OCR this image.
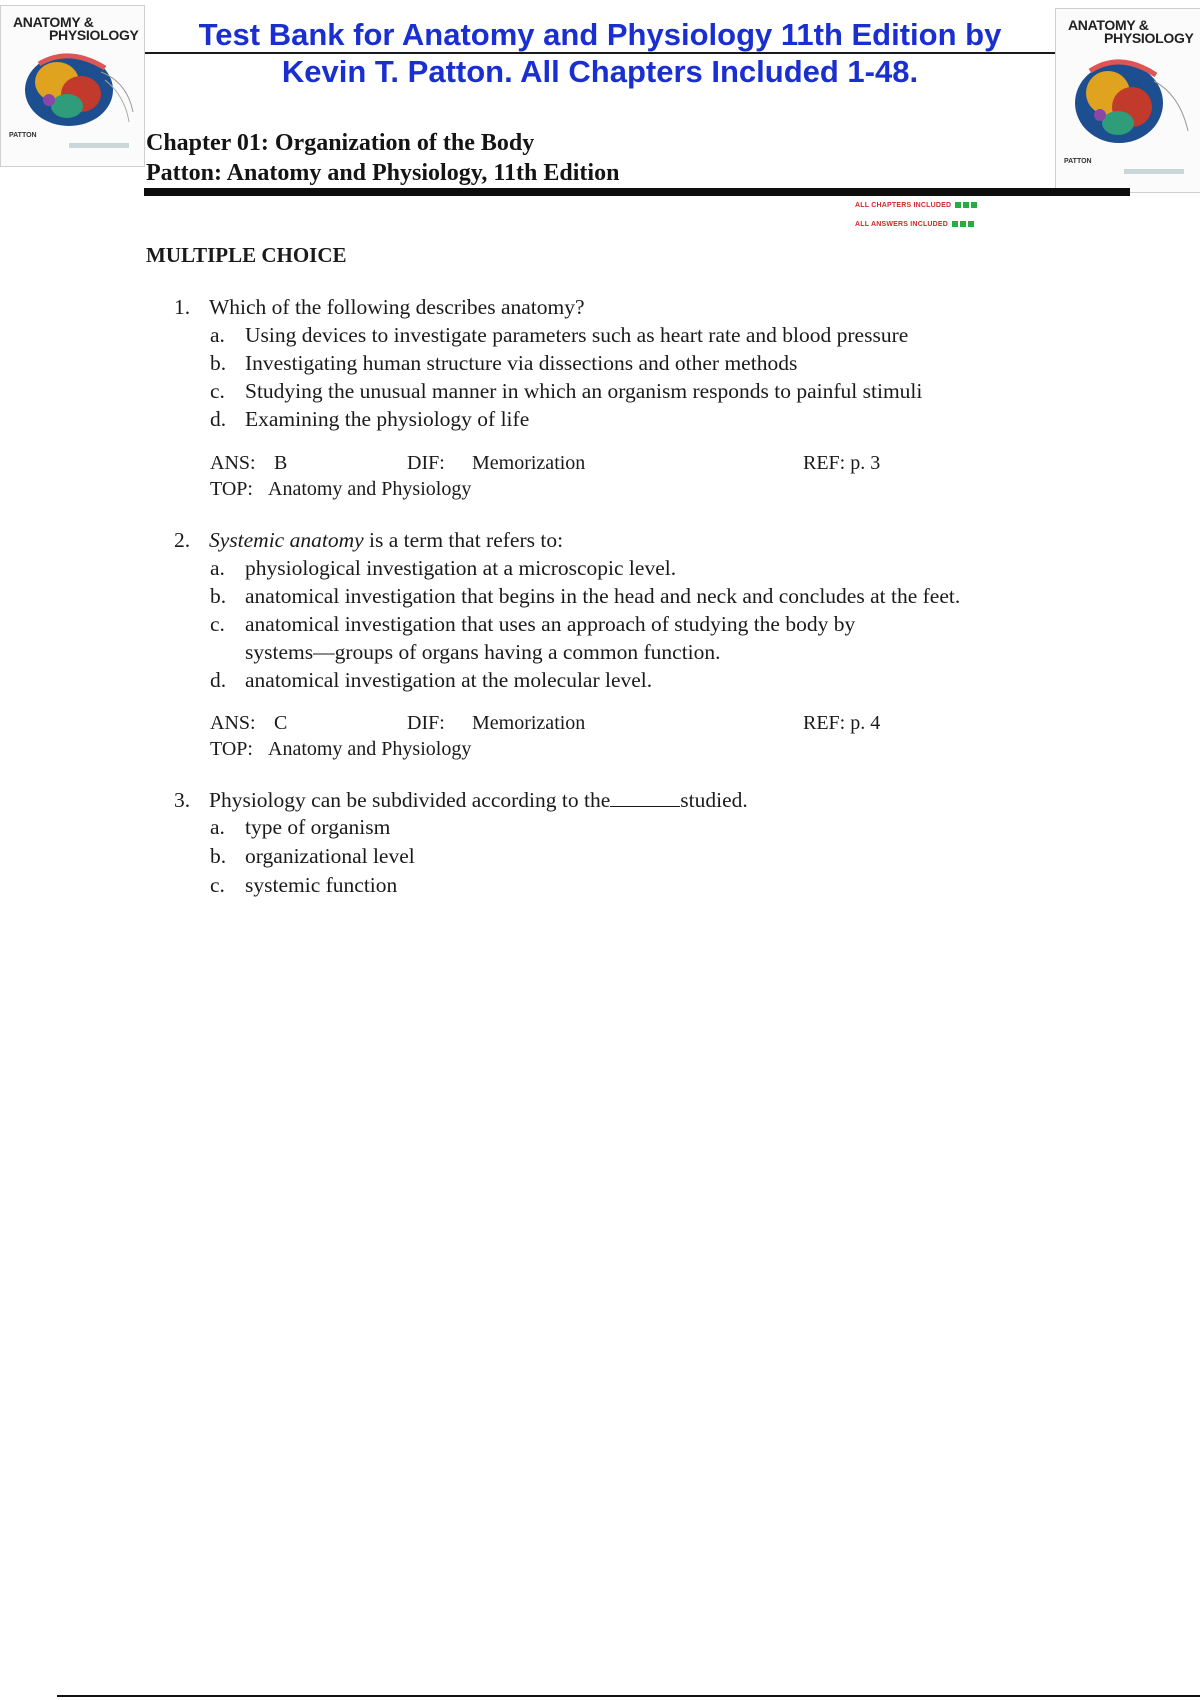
ANATOMY &
PHYSIOLOGY
PATTON
ANATOMY &
PHYSIOLOGY
PATTON
Test Bank for Anatomy and Physiology 11th Edition by
Kevin T. Patton. All Chapters Included 1-48.
Chapter 01: Organization of the Body
Patton: Anatomy and Physiology, 11th Edition
ALL CHAPTERS INCLUDED
ALL ANSWERS INCLUDED
MULTIPLE CHOICE
1. Which of the following describes anatomy?
a. Using devices to investigate parameters such as heart rate and blood pressure
b. Investigating human structure via dissections and other methods
c. Studying the unusual manner in which an organism responds to painful stimuli
d. Examining the physiology of life
ANS: B	DIF: Memorization	REF: p. 3
TOP: Anatomy and Physiology
2. Systemic anatomy is a term that refers to:
a. physiological investigation at a microscopic level.
b. anatomical investigation that begins in the head and neck and concludes at the feet.
c. anatomical investigation that uses an approach of studying the body by
systems—groups of organs having a common function.
d. anatomical investigation at the molecular level.
ANS: C	DIF: Memorization	REF: p. 4
TOP: Anatomy and Physiology
3. Physiology can be subdivided according to the	studied.
a. type of organism
b. organizational level
c. systemic function
